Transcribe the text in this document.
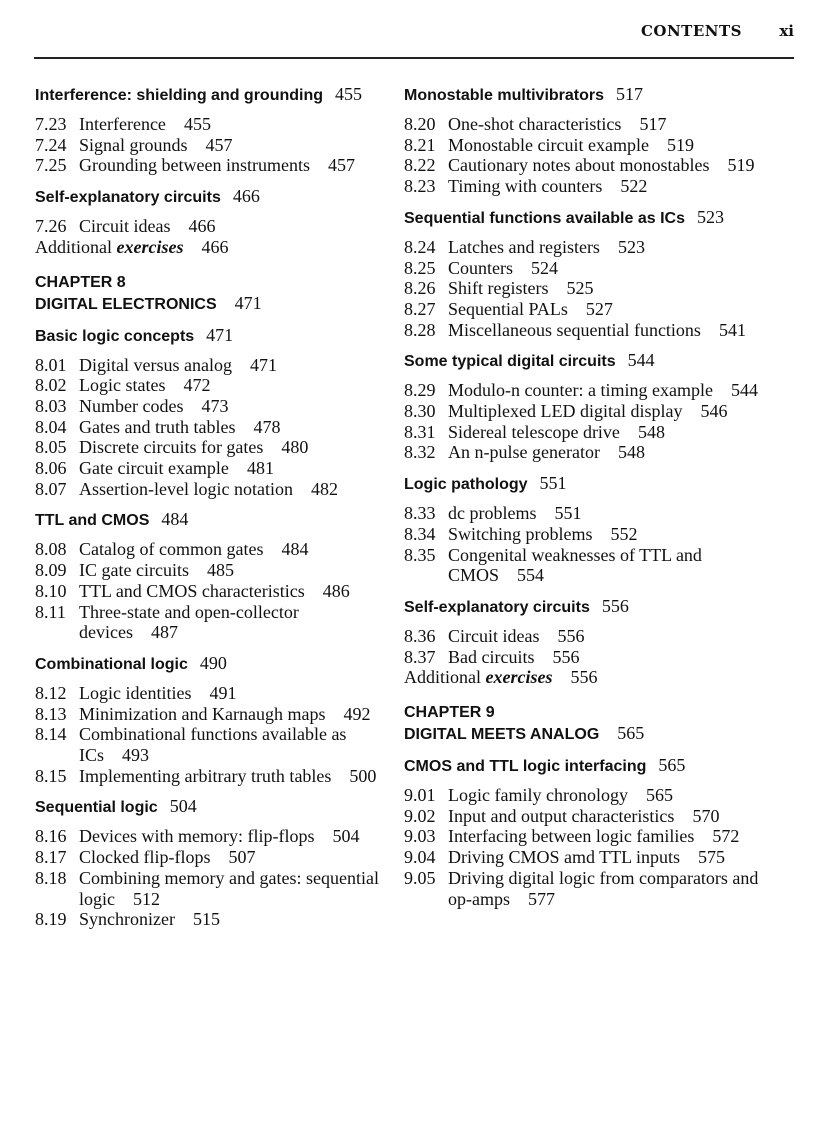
CONTENTS xi
Interference: shielding and grounding 455
7.23 Interference 455
7.24 Signal grounds 457
7.25 Grounding between instruments 457
Self-explanatory circuits 466
7.26 Circuit ideas 466
Additional exercises 466
CHAPTER 8
DIGITAL ELECTRONICS 471
Basic logic concepts 471
8.01 Digital versus analog 471
8.02 Logic states 472
8.03 Number codes 473
8.04 Gates and truth tables 478
8.05 Discrete circuits for gates 480
8.06 Gate circuit example 481
8.07 Assertion-level logic notation 482
TTL and CMOS 484
8.08 Catalog of common gates 484
8.09 IC gate circuits 485
8.10 TTL and CMOS characteristics 486
8.11 Three-state and open-collector devices 487
Combinational logic 490
8.12 Logic identities 491
8.13 Minimization and Karnaugh maps 492
8.14 Combinational functions available as ICs 493
8.15 Implementing arbitrary truth tables 500
Sequential logic 504
8.16 Devices with memory: flip-flops 504
8.17 Clocked flip-flops 507
8.18 Combining memory and gates: sequential logic 512
8.19 Synchronizer 515
Monostable multivibrators 517
8.20 One-shot characteristics 517
8.21 Monostable circuit example 519
8.22 Cautionary notes about monostables 519
8.23 Timing with counters 522
Sequential functions available as ICs 523
8.24 Latches and registers 523
8.25 Counters 524
8.26 Shift registers 525
8.27 Sequential PALs 527
8.28 Miscellaneous sequential functions 541
Some typical digital circuits 544
8.29 Modulo-n counter: a timing example 544
8.30 Multiplexed LED digital display 546
8.31 Sidereal telescope drive 548
8.32 An n-pulse generator 548
Logic pathology 551
8.33 dc problems 551
8.34 Switching problems 552
8.35 Congenital weaknesses of TTL and CMOS 554
Self-explanatory circuits 556
8.36 Circuit ideas 556
8.37 Bad circuits 556
Additional exercises 556
CHAPTER 9
DIGITAL MEETS ANALOG 565
CMOS and TTL logic interfacing 565
9.01 Logic family chronology 565
9.02 Input and output characteristics 570
9.03 Interfacing between logic families 572
9.04 Driving CMOS amd TTL inputs 575
9.05 Driving digital logic from comparators and op-amps 577
